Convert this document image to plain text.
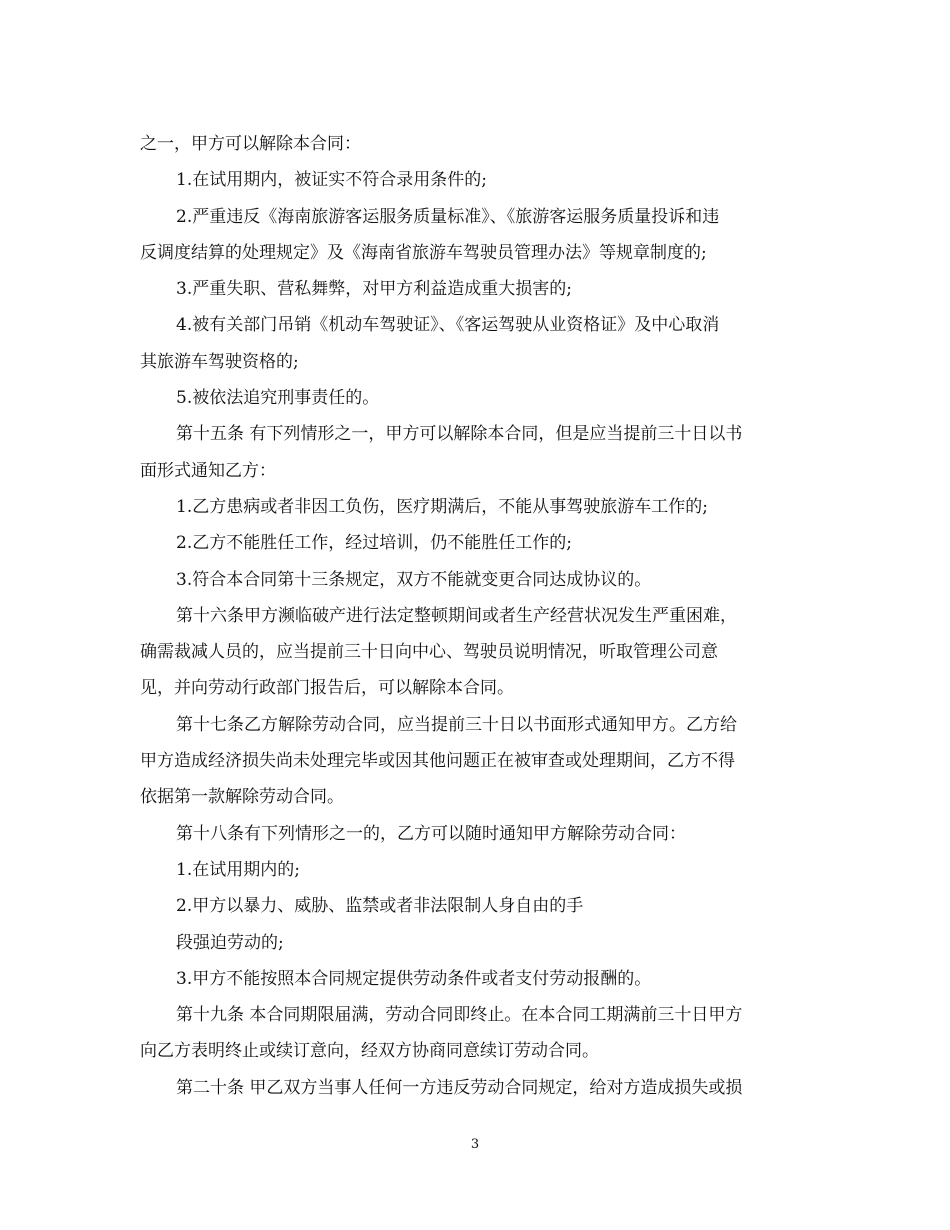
之一，甲方可以解除本合同：
1.在试用期内，被证实不符合录用条件的;
2.严重违反《海南旅游客运服务质量标准》、《旅游客运服务质量投诉和违
反调度结算的处理规定》及《海南省旅游车驾驶员管理办法》等规章制度的;
3.严重失职、营私舞弊，对甲方利益造成重大损害的;
4.被有关部门吊销《机动车驾驶证》、《客运驾驶从业资格证》及中心取消
其旅游车驾驶资格的;
5.被依法追究刑事责任的。
第十五条 有下列情形之一，甲方可以解除本合同，但是应当提前三十日以书
面形式通知乙方：
1.乙方患病或者非因工负伤，医疗期满后，不能从事驾驶旅游车工作的;
2.乙方不能胜任工作，经过培训，仍不能胜任工作的;
3.符合本合同第十三条规定，双方不能就变更合同达成协议的。
第十六条甲方濒临破产进行法定整顿期间或者生产经营状况发生严重困难，
确需裁减人员的，应当提前三十日向中心、驾驶员说明情况，听取管理公司意
见，并向劳动行政部门报告后，可以解除本合同。
第十七条乙方解除劳动合同，应当提前三十日以书面形式通知甲方。乙方给
甲方造成经济损失尚未处理完毕或因其他问题正在被审查或处理期间，乙方不得
依据第一款解除劳动合同。
第十八条有下列情形之一的，乙方可以随时通知甲方解除劳动合同：
1.在试用期内的;
2.甲方以暴力、威胁、监禁或者非法限制人身自由的手
段强迫劳动的;
3.甲方不能按照本合同规定提供劳动条件或者支付劳动报酬的。
第十九条 本合同期限届满，劳动合同即终止。在本合同工期满前三十日甲方
向乙方表明终止或续订意向，经双方协商同意续订劳动合同。
第二十条 甲乙双方当事人任何一方违反劳动合同规定，给对方造成损失或损
3
